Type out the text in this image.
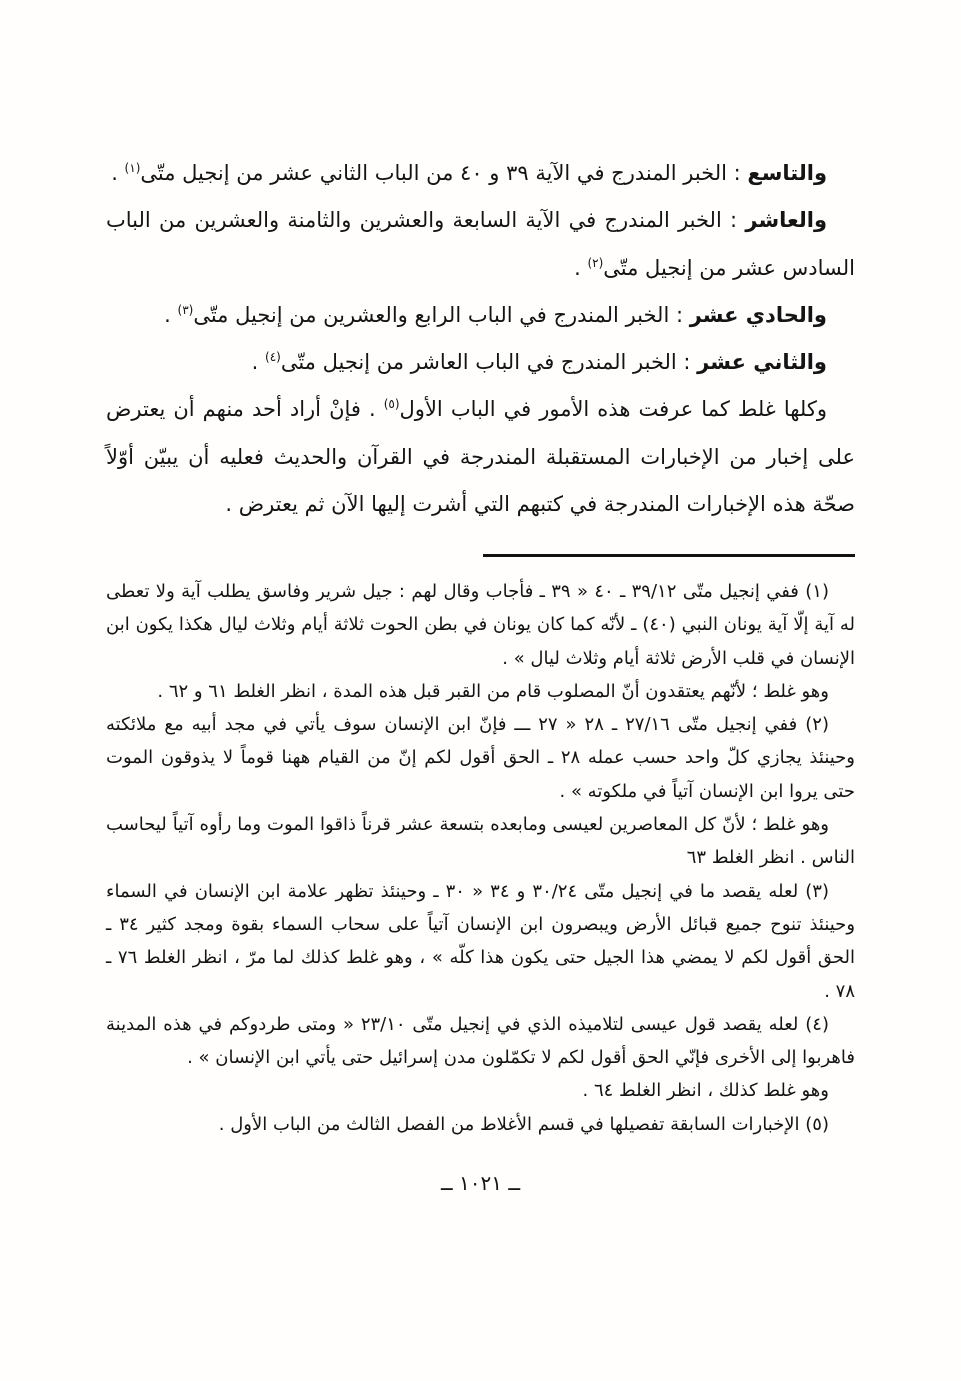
والتاسع : الخبر المندرج في الآية ٣٩ و ٤٠ من الباب الثاني عشر من إنجيل متّى$^{(١)}$ .

والعاشر : الخبر المندرج في الآية السابعة والعشرين والثامنة والعشرين من الباب السادس عشر من إنجيل متّى$^{(٢)}$ .

والحادي عشر : الخبر المندرج في الباب الرابع والعشرين من إنجيل متّى$^{(٣)}$ .

والثاني عشر : الخبر المندرج في الباب العاشر من إنجيل متّى$^{(٤)}$ .

وكلها غلط كما عرفت هذه الأمور في الباب الأول$^{(٥)}$ . فإنْ أراد أحد منهم أن يعترض على إخبار من الإخبارات المستقبلة المندرجة في القرآن والحديث فعليه أن يبيّن أوّلاً صحّة هذه الإخبارات المندرجة في كتبهم التي أشرت إليها الآن ثم يعترض .

(١) ففي إنجيل متّى ٣٩/١٢ ـ ٤٠ « ٣٩ ـ فأجاب وقال لهم : جيل شرير وفاسق يطلب آية ولا تعطى له آية إلّا آية يونان النبي (٤٠) ـ لأنّه كما كان يونان في بطن الحوت ثلاثة أيام وثلاث ليال هكذا يكون ابن الإنسان في قلب الأرض ثلاثة أيام وثلاث ليال » .

وهو غلط ؛ لأنّهم يعتقدون أنّ المصلوب قام من القبر قبل هذه المدة ، انظر الغلط ٦١ و ٦٢ .

(٢) ففي إنجيل متّى ٢٧/١٦ ـ ٢٨ « ٢٧ ـــ فإنّ ابن الإنسان سوف يأتي في مجد أبيه مع ملائكته وحينئذ يجازي كلّ واحد حسب عمله ٢٨ ـ الحق أقول لكم إنّ من القيام ههنا قوماً لا يذوقون الموت حتى يروا ابن الإنسان آتياً في ملكوته » .

وهو غلط ؛ لأنّ كل المعاصرين لعيسى ومابعده بتسعة عشر قرناً ذاقوا الموت وما رأوه آتياً ليحاسب الناس . انظر الغلط ٦٣

(٣) لعله يقصد ما في إنجيل متّى ٣٠/٢٤ و ٣٤ « ٣٠ ـ وحينئذ تظهر علامة ابن الإنسان في السماء وحينئذ تنوح جميع قبائل الأرض ويبصرون ابن الإنسان آتياً على سحاب السماء بقوة ومجد كثير ٣٤ ـ الحق أقول لكم لا يمضي هذا الجيل حتى يكون هذا كلّه » ، وهو غلط كذلك لما مرّ ، انظر الغلط ٧٦ ـ ٧٨ .

(٤) لعله يقصد قول عيسى لتلاميذه الذي في إنجيل متّى ٢٣/١٠ « ومتى طردوكم في هذه المدينة فاهربوا إلى الأخرى فإنّي الحق أقول لكم لا تكمّلون مدن إسرائيل حتى يأتي ابن الإنسان » .

وهو غلط كذلك ، انظر الغلط ٦٤ .

(٥) الإخبارات السابقة تفصيلها في قسم الأغلاط من الفصل الثالث من الباب الأول .

ــ ١٠٢١ ــ
